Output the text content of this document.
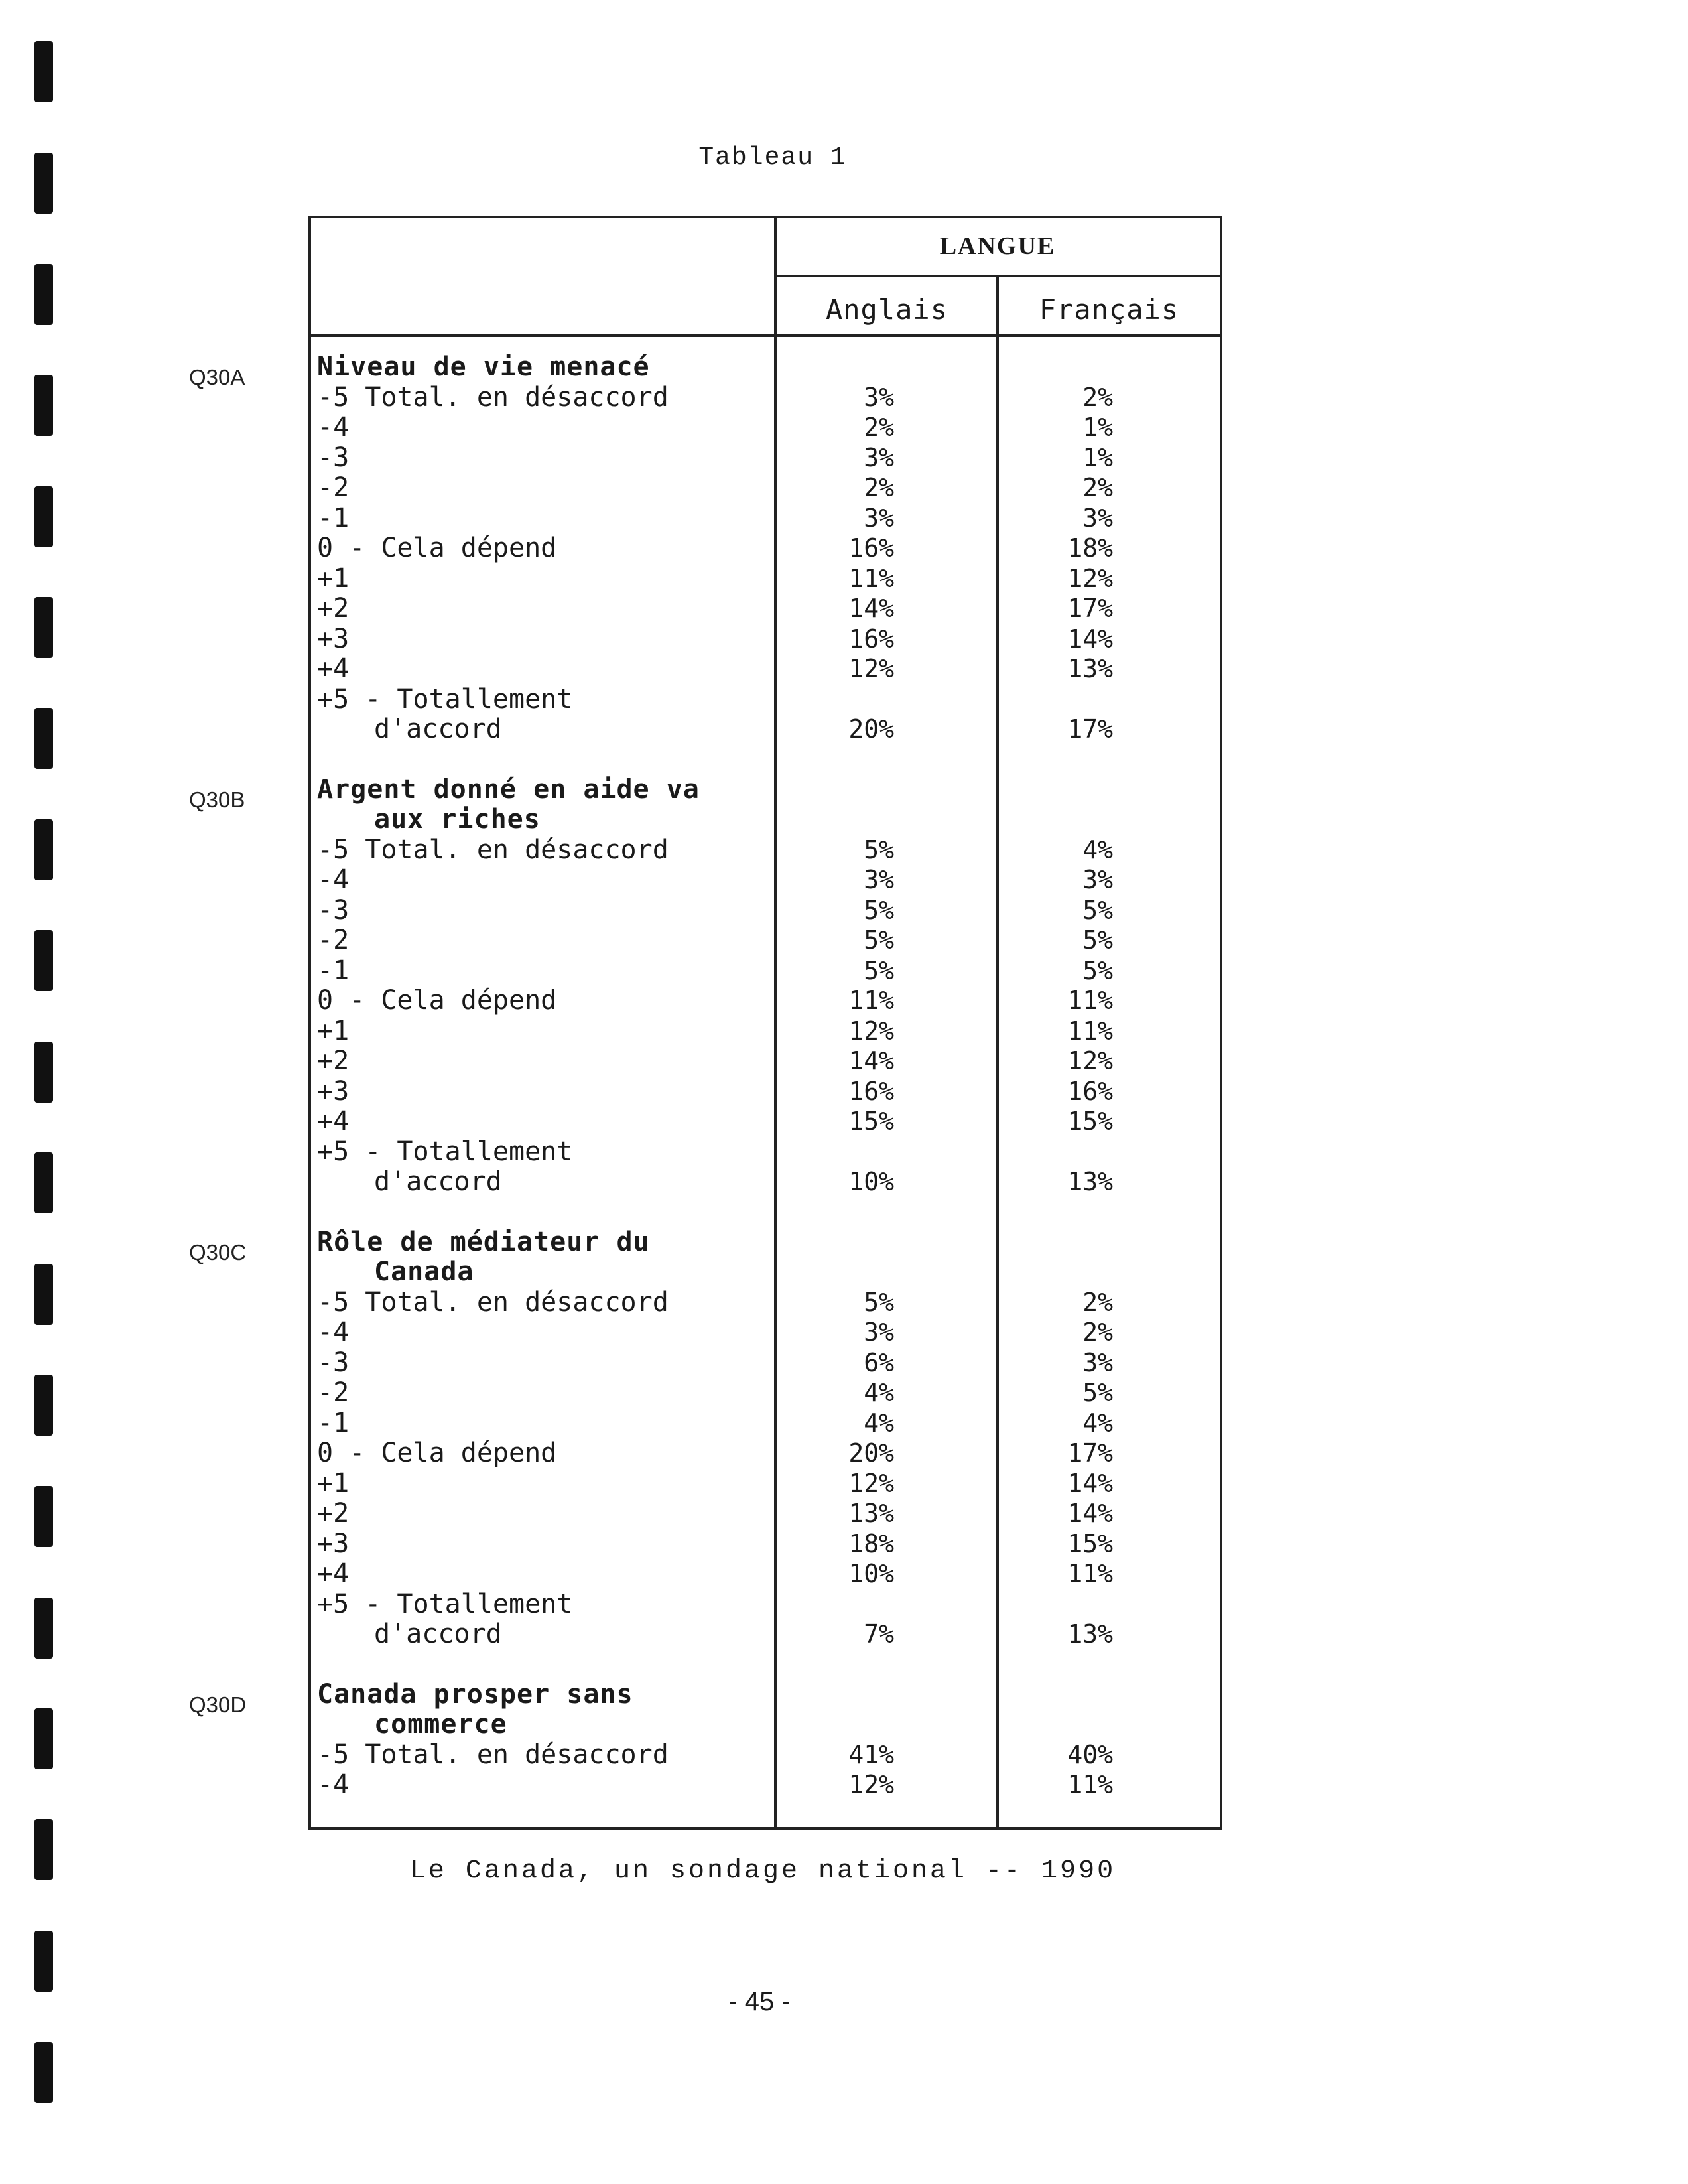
Tableau 1
LANGUE
Anglais	Français
Q30A	Niveau de vie menacé
-5 Total. en désaccord	3%	2%
-4	2%	1%
-3	3%	1%
-2	2%	2%
-1	3%	3%
0 - Cela dépend	16%	18%
+1	11%	12%
+2	14%	17%
+3	16%	14%
+4	12%	13%
+5 - Totallement
d'accord	20%	17%
Q30B	Argent donné en aide va
aux riches
-5 Total. en désaccord	5%	4%
-4	3%	3%
-3	5%	5%
-2	5%	5%
-1	5%	5%
0 - Cela dépend	11%	11%
+1	12%	11%
+2	14%	12%
+3	16%	16%
+4	15%	15%
+5 - Totallement
d'accord	10%	13%
Q30C	Rôle de médiateur du
Canada
-5 Total. en désaccord	5%	2%
-4	3%	2%
-3	6%	3%
-2	4%	5%
-1	4%	4%
0 - Cela dépend	20%	17%
+1	12%	14%
+2	13%	14%
+3	18%	15%
+4	10%	11%
+5 - Totallement
d'accord	7%	13%
Q30D	Canada prosper sans
commerce
-5 Total. en désaccord	41%	40%
-4	12%	11%
Le Canada, un sondage national -- 1990
- 45 -
